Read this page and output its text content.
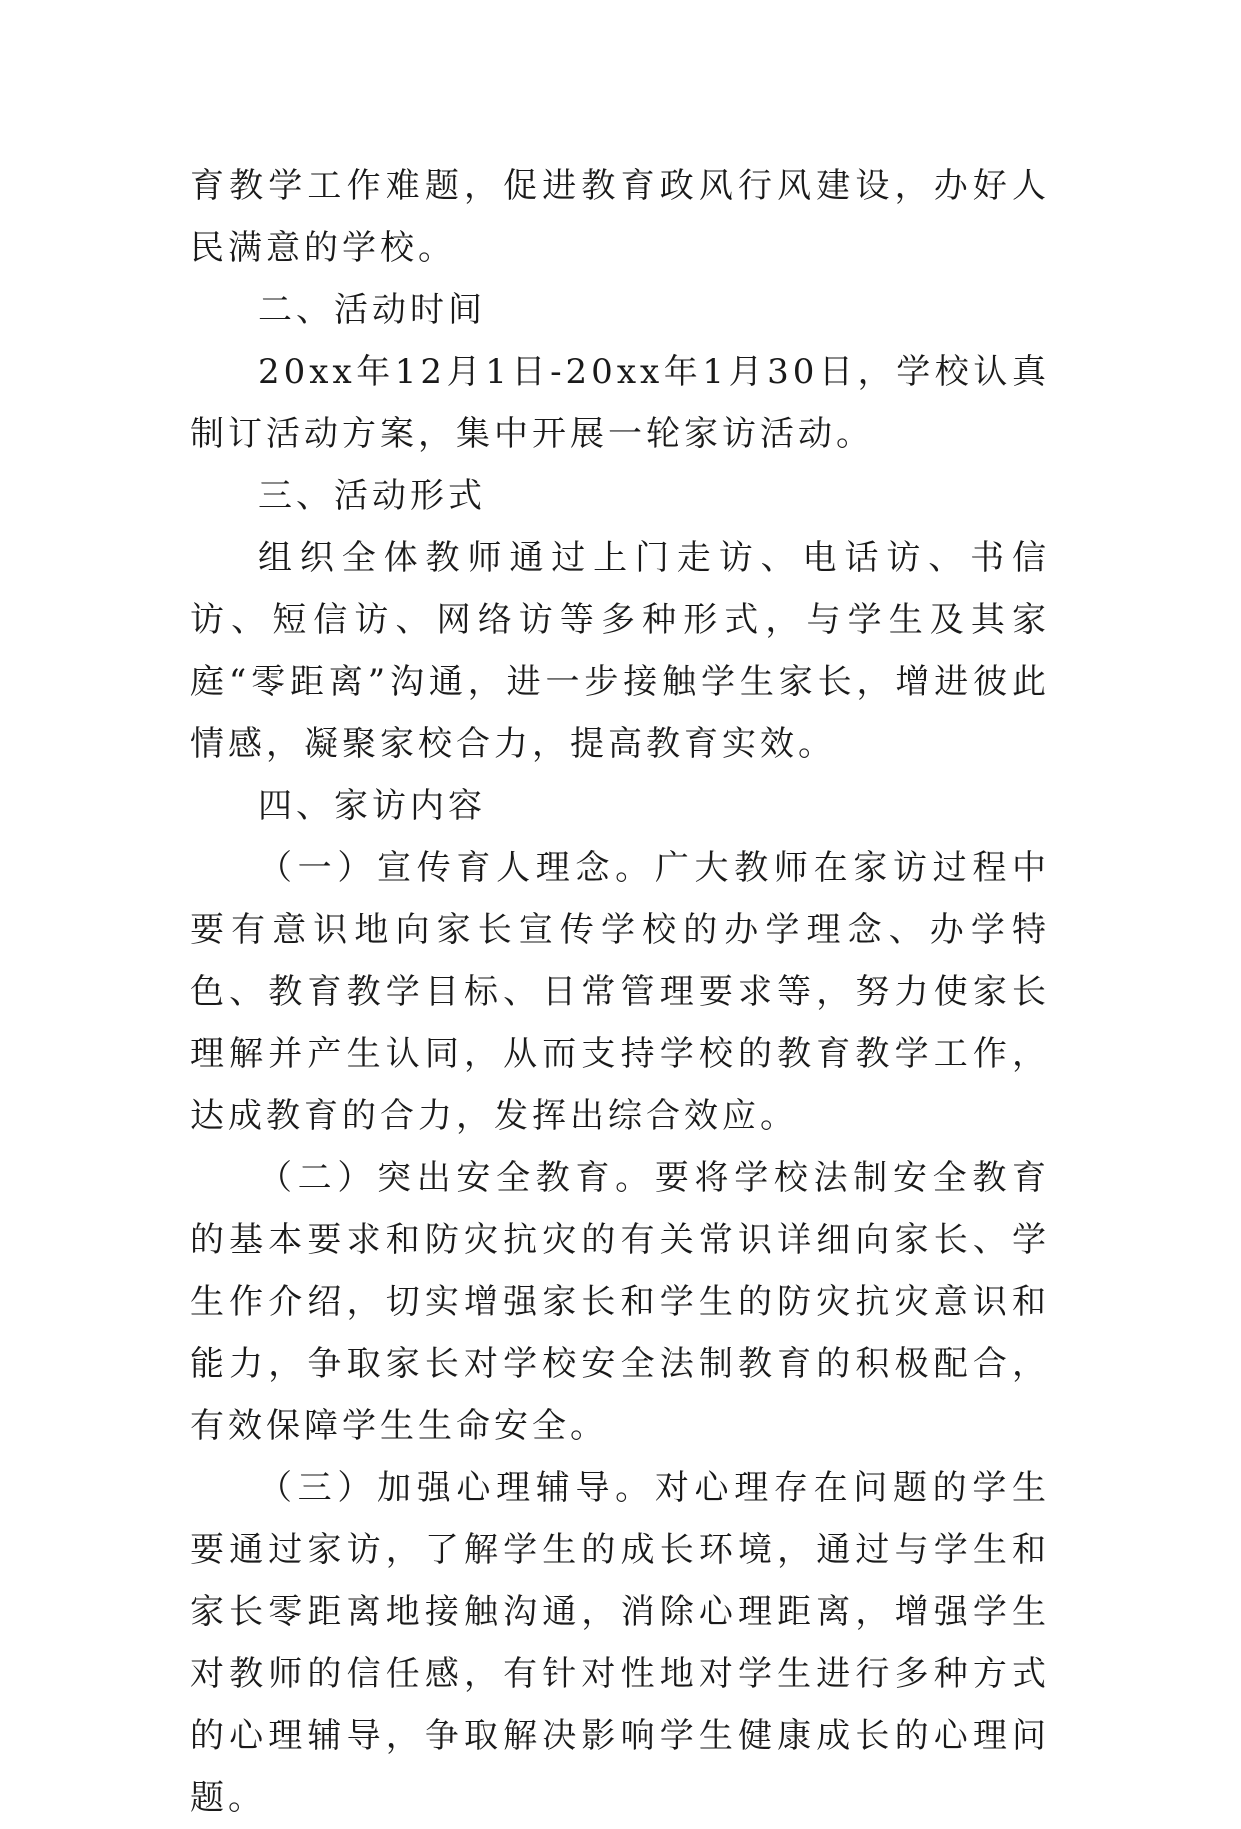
育教学工作难题，促进教育政风行风建设，办好人民满意的学校。

二、活动时间

20xx年12月1日-20xx年1月30日，学校认真制订活动方案，集中开展一轮家访活动。

三、活动形式

组织全体教师通过上门走访、电话访、书信访、短信访、网络访等多种形式，与学生及其家庭“零距离”沟通，进一步接触学生家长，增进彼此情感，凝聚家校合力，提高教育实效。

四、家访内容

（一）宣传育人理念。广大教师在家访过程中要有意识地向家长宣传学校的办学理念、办学特色、教育教学目标、日常管理要求等，努力使家长理解并产生认同，从而支持学校的教育教学工作，达成教育的合力，发挥出综合效应。

（二）突出安全教育。要将学校法制安全教育的基本要求和防灾抗灾的有关常识详细向家长、学生作介绍，切实增强家长和学生的防灾抗灾意识和能力，争取家长对学校安全法制教育的积极配合，有效保障学生生命安全。

（三）加强心理辅导。对心理存在问题的学生要通过家访，了解学生的成长环境，通过与学生和家长零距离地接触沟通，消除心理距离，增强学生对教师的信任感，有针对性地对学生进行多种方式的心理辅导，争取解决影响学生健康成长的心理问题。
